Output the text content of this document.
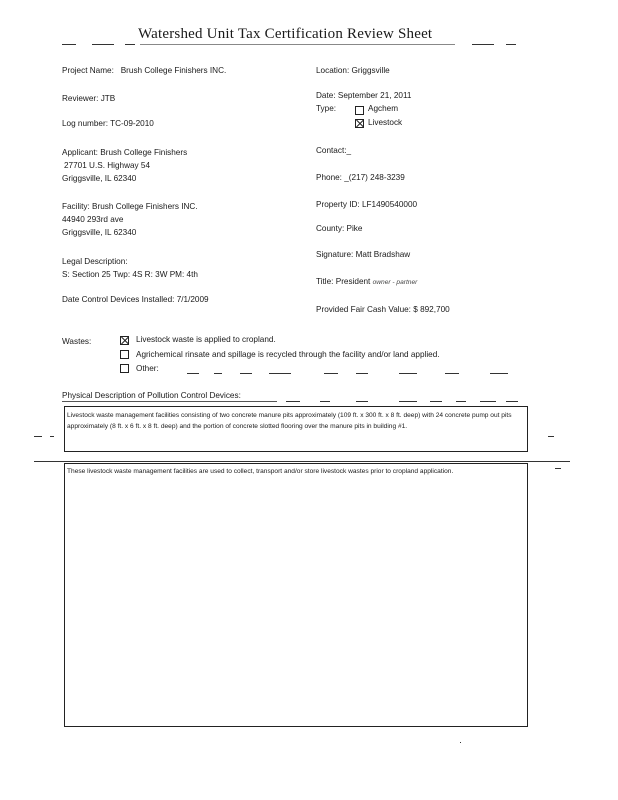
Watershed Unit Tax Certification Review Sheet
Project Name: Brush College Finishers INC.
Reviewer: JTB
Log number: TC-09-2010
Applicant: Brush College Finishers
27701 U.S. Highway 54
Griggsville, IL 62340
Facility: Brush College Finishers INC.
44940 293rd ave
Griggsville, IL 62340
Legal Description:
S: Section 25 Twp: 4S R: 3W PM: 4th
Date Control Devices Installed: 7/1/2009
Location: Griggsville
Date: September 21, 2011
Type:	Agchem
Livestock
Contact:_
Phone: _(217) 248-3239
Property ID: LF1490540000
County: Pike
Signature: Matt Bradshaw
Title: President owner - partner
Provided Fair Cash Value: $ 892,700
Wastes:	Livestock waste is applied to cropland.
Agrichemical rinsate and spillage is recycled through the facility and/or land applied.
Other:
Physical Description of Pollution Control Devices:
Livestock waste management facilities consisting of two concrete manure pits approximately (109 ft. x 300 ft. x 8 ft. deep) with 24 concrete pump out pits approximately (8 ft. x 6 ft. x 8 ft. deep) and the portion of concrete slotted flooring over the manure pits in building #1.
These livestock waste management facilities are used to collect, transport and/or store livestock wastes prior to cropland application.
